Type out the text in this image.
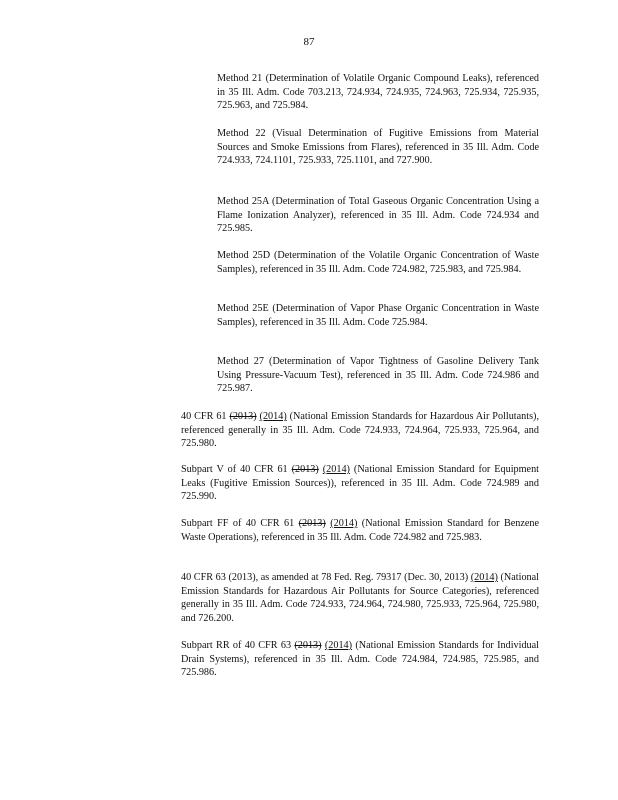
87

Method 21 (Determination of Volatile Organic Compound Leaks), referenced in 35 Ill. Adm. Code 703.213, 724.934, 724.935, 724.963, 725.934, 725.935, 725.963, and 725.984.

Method 22 (Visual Determination of Fugitive Emissions from Material Sources and Smoke Emissions from Flares), referenced in 35 Ill. Adm. Code 724.933, 724.1101, 725.933, 725.1101, and 727.900.

Method 25A (Determination of Total Gaseous Organic Concentration Using a Flame Ionization Analyzer), referenced in 35 Ill. Adm. Code 724.934 and 725.985.

Method 25D (Determination of the Volatile Organic Concentration of Waste Samples), referenced in 35 Ill. Adm. Code 724.982, 725.983, and 725.984.

Method 25E (Determination of Vapor Phase Organic Concentration in Waste Samples), referenced in 35 Ill. Adm. Code 725.984.

Method 27 (Determination of Vapor Tightness of Gasoline Delivery Tank Using Pressure-Vacuum Test), referenced in 35 Ill. Adm. Code 724.986 and 725.987.

40 CFR 61 (2013) (2014) (National Emission Standards for Hazardous Air Pollutants), referenced generally in 35 Ill. Adm. Code 724.933, 724.964, 725.933, 725.964, and 725.980.

Subpart V of 40 CFR 61 (2013) (2014) (National Emission Standard for Equipment Leaks (Fugitive Emission Sources)), referenced in 35 Ill. Adm. Code 724.989 and 725.990.

Subpart FF of 40 CFR 61 (2013) (2014) (National Emission Standard for Benzene Waste Operations), referenced in 35 Ill. Adm. Code 724.982 and 725.983.

40 CFR 63 (2013), as amended at 78 Fed. Reg. 79317 (Dec. 30, 2013) (2014) (National Emission Standards for Hazardous Air Pollutants for Source Categories), referenced generally in 35 Ill. Adm. Code 724.933, 724.964, 724.980, 725.933, 725.964, 725.980, and 726.200.

Subpart RR of 40 CFR 63 (2013) (2014) (National Emission Standards for Individual Drain Systems), referenced in 35 Ill. Adm. Code 724.984, 724.985, 725.985, and 725.986.
